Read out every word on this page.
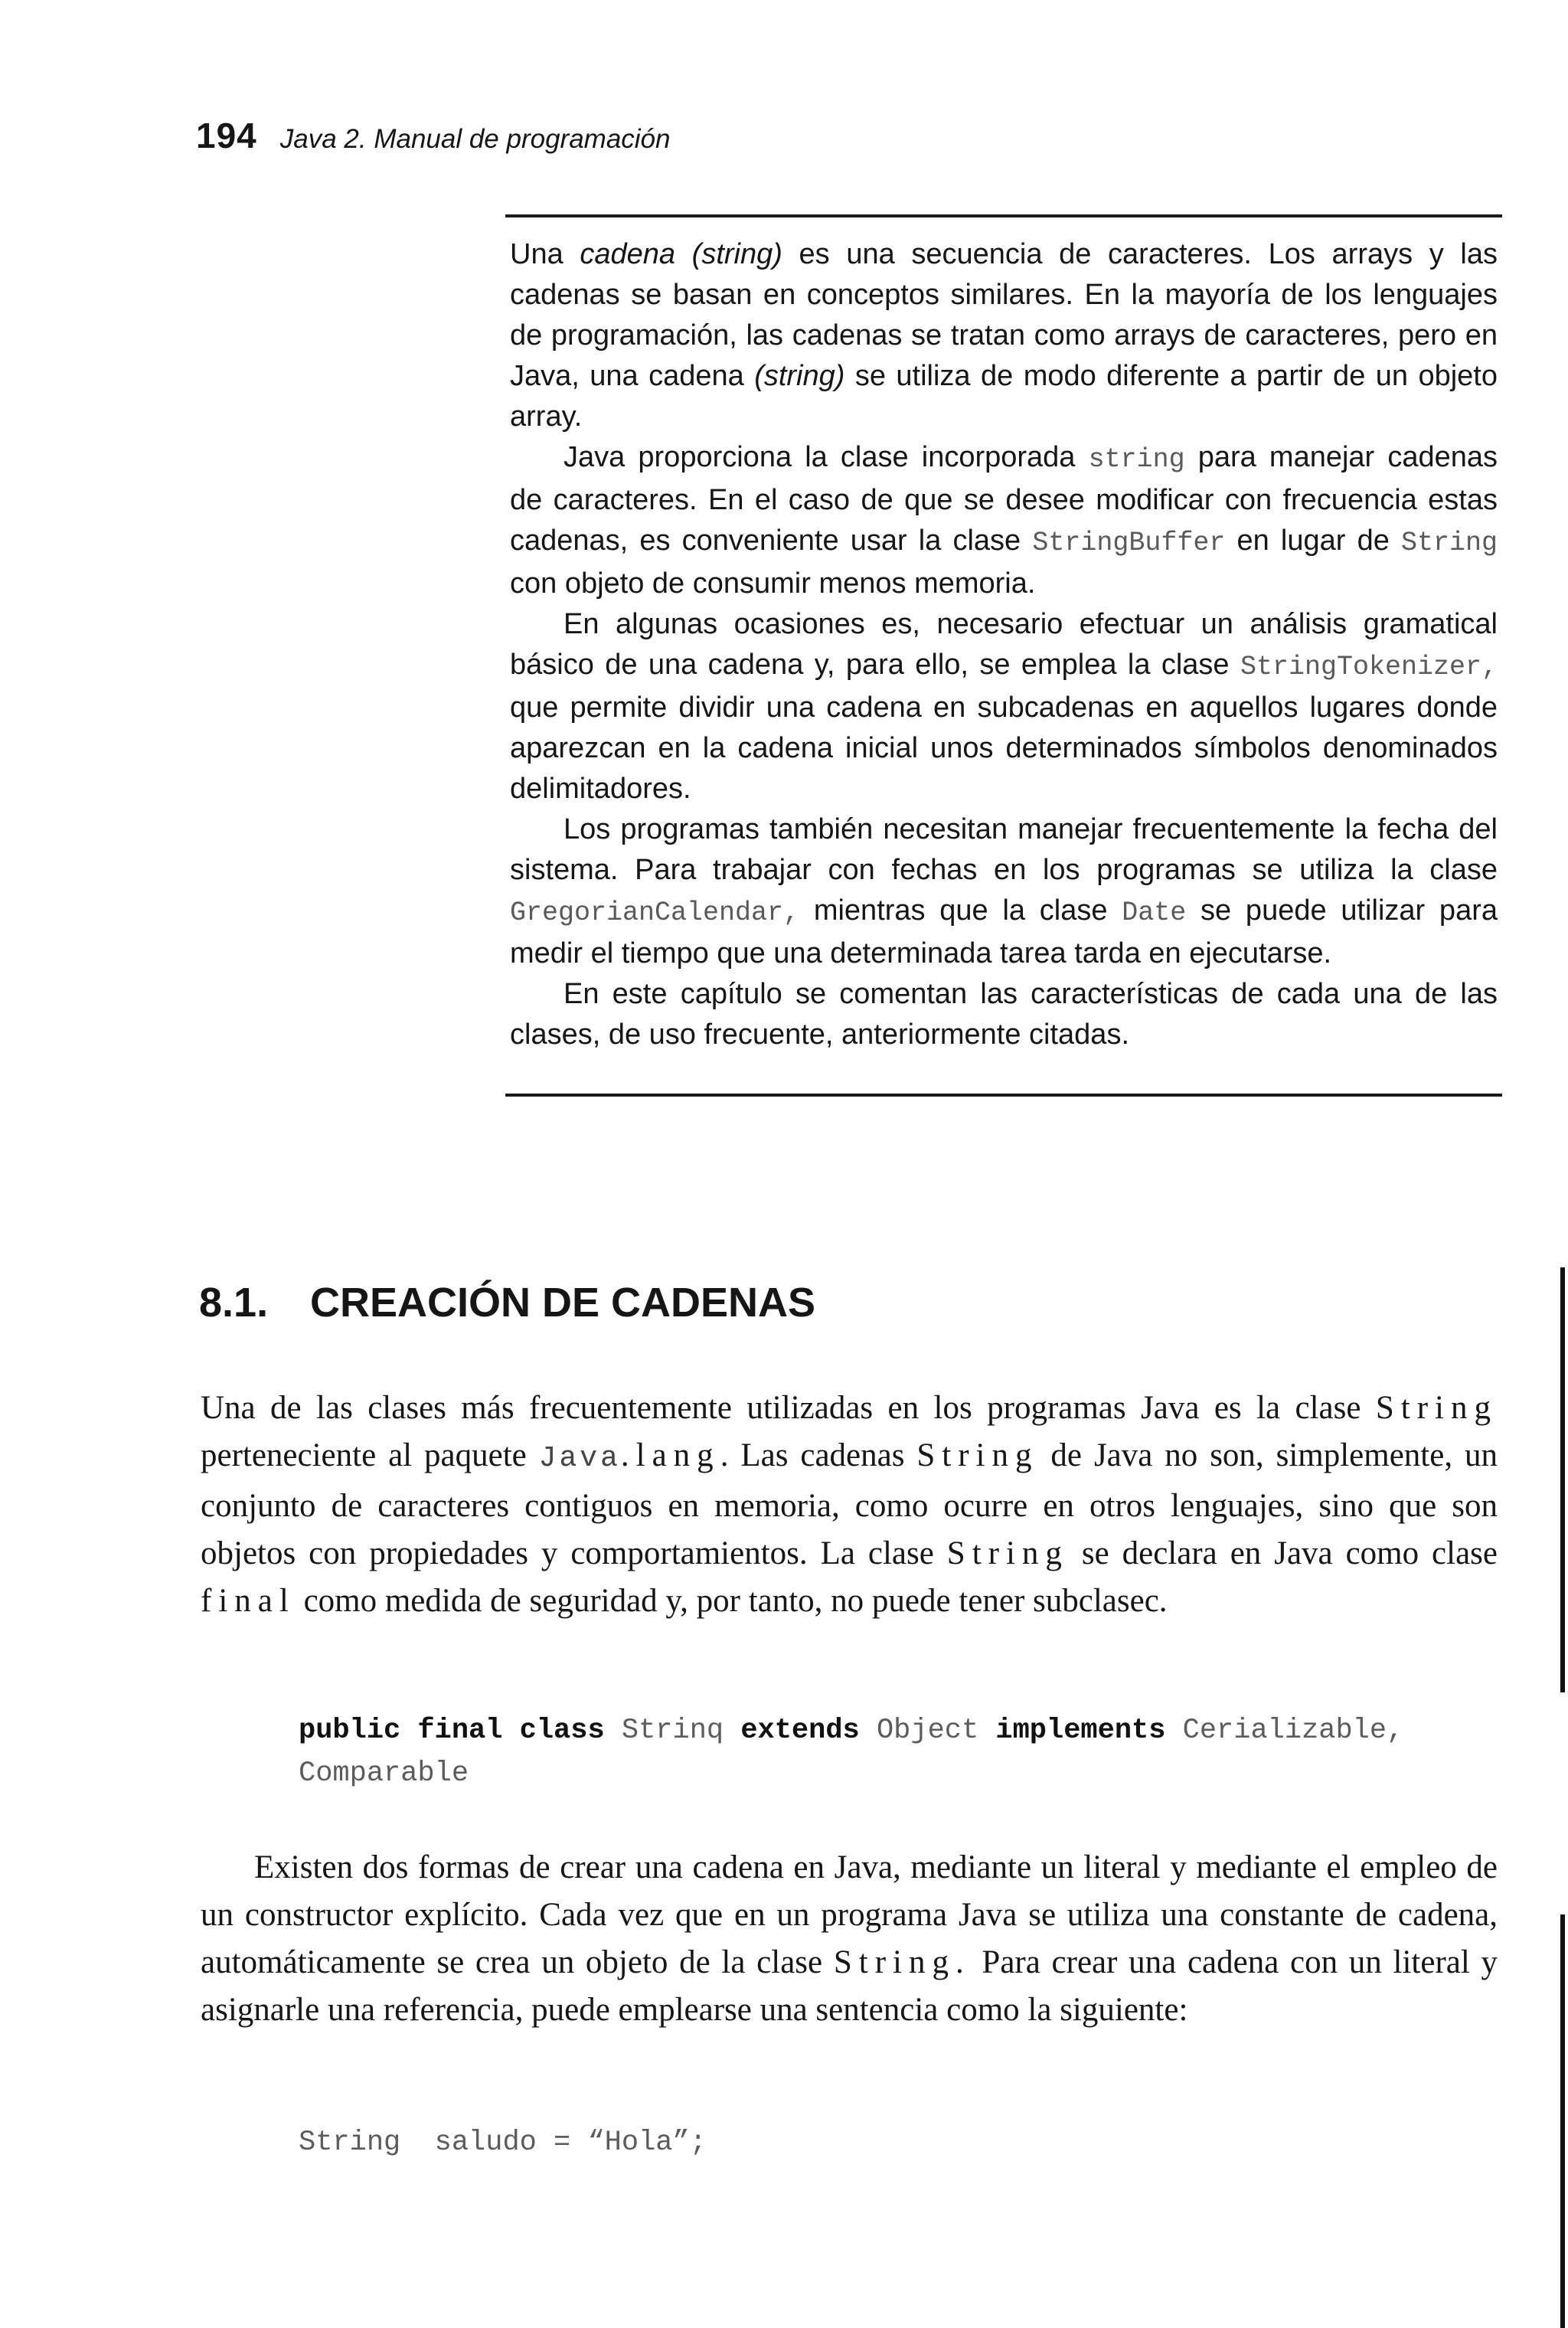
194 Java 2. Manual de programación

Una cadena (string) es una secuencia de caracteres. Los arrays y las cadenas se basan en conceptos similares. En la mayoría de los lenguajes de programación, las cadenas se tratan como arrays de caracteres, pero en Java, una cadena (string) se utiliza de modo diferente a partir de un objeto array.

Java proporciona la clase incorporada string para manejar cadenas de caracteres. En el caso de que se desee modificar con frecuencia estas cadenas, es conveniente usar la clase StringBuffer en lugar de String con objeto de consumir menos memoria.

En algunas ocasiones es, necesario efectuar un análisis gramatical básico de una cadena y, para ello, se emplea la clase StringTokenizer, que permite dividir una cadena en subcadenas en aquellos lugares donde aparezcan en la cadena inicial unos determinados símbolos denominados delimitadores.

Los programas también necesitan manejar frecuentemente la fecha del sistema. Para trabajar con fechas en los programas se utiliza la clase GregorianCalendar, mientras que la clase Date se puede utilizar para medir el tiempo que una determinada tarea tarda en ejecutarse.

En este capítulo se comentan las características de cada una de las clases, de uso frecuente, anteriormente citadas.

8.1.	CREACIÓN DE CADENAS

Una de las clases más frecuentemente utilizadas en los programas Java es la clase String perteneciente al paquete Java.lang. Las cadenas String de Java no son, simplemente, un conjunto de caracteres contiguos en memoria, como ocurre en otros lenguajes, sino que son objetos con propiedades y comportamientos. La clase String se declara en Java como clase final como medida de seguridad y, por tanto, no puede tener subclasec.

public final class Strinq extends Object implements Cerializable,
Comparable

Existen dos formas de crear una cadena en Java, mediante un literal y mediante el empleo de un constructor explícito. Cada vez que en un programa Java se utiliza una constante de cadena, automáticamente se crea un objeto de la clase String. Para crear una cadena con un literal y asignarle una referencia, puede emplearse una sentencia como la siguiente:

String  saludo = “Hola”;
